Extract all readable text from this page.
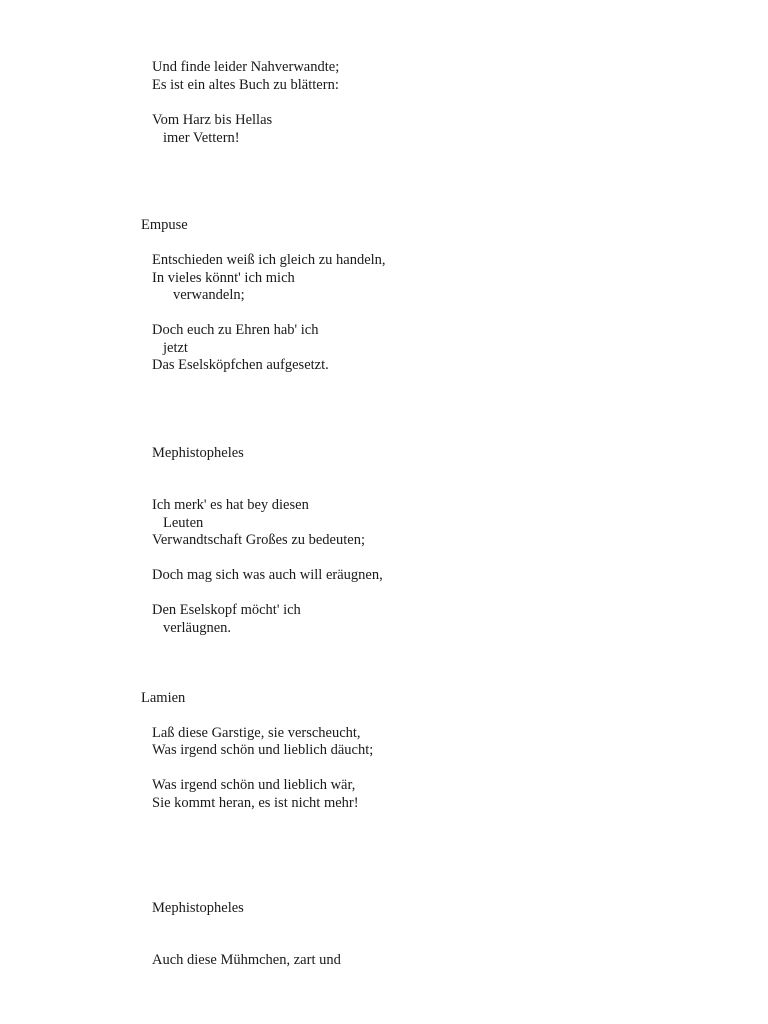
Und finde leider Nahverwandte;
Es ist ein altes Buch zu blättern:
Vom Harz bis Hellas
imer Vettern!
Empuse
Entschieden weiß ich gleich zu handeln,
In vieles könnt' ich mich
verwandeln;
Doch euch zu Ehren hab' ich
jetzt
Das Eselsköpfchen aufgesetzt.
Mephistopheles
Ich merk' es hat bey diesen
Leuten
Verwandtschaft Großes zu bedeuten;
Doch mag sich was auch will eräugnen,
Den Eselskopf möcht' ich
verläugnen.
Lamien
Laß diese Garstige, sie verscheucht,
Was irgend schön und lieblich däucht;
Was irgend schön und lieblich wär,
Sie kommt heran, es ist nicht mehr!
Mephistopheles
Auch diese Mühmchen, zart und
